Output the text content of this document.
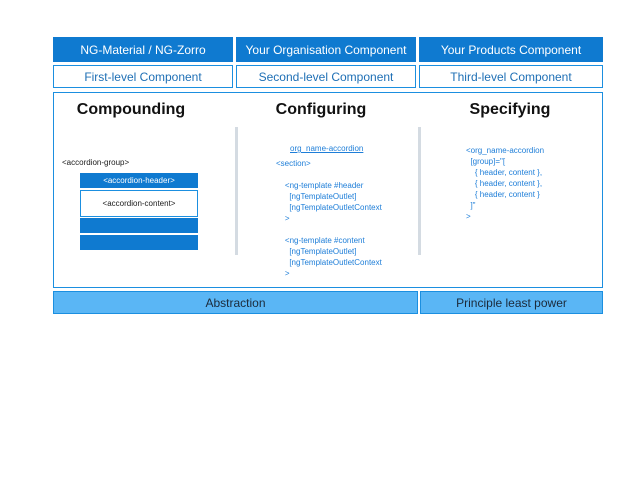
NG-Material / NG-Zorro	Your Organisation Component	Your Products Component
First-level Component	Second-level Component	Third-level Component
Compounding	Configuring	Specifying
<accordion-group>
<accordion-header>
<accordion-content>
org_name-accordion
<section>

<ng-template #header
[ngTemplateOutlet]
[ngTemplateOutletContext
>

<ng-template #content
[ngTemplateOutlet]
[ngTemplateOutletContext
>
<org_name-accordion
[group]="[
{ header, content },
{ header, content },
{ header, content }
]"
>
Abstraction	Principle least power
